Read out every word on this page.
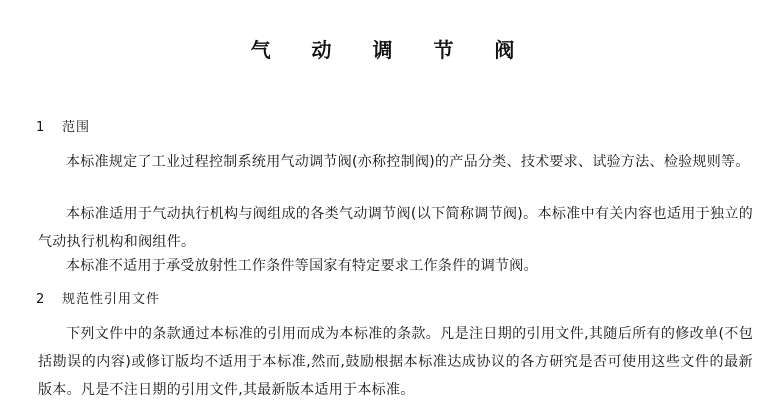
气 动 调 节 阀
1 范围

本标准规定了工业过程控制系统用气动调节阀(亦称控制阀)的产品分类、技术要求、试验方法、检验规则等。

本标准适用于气动执行机构与阀组成的各类气动调节阀(以下简称调节阀)。本标准中有关内容也适用于独立的气动执行机构和阀组件。

本标准不适用于承受放射性工作条件等国家有特定要求工作条件的调节阀。

2 规范性引用文件

下列文件中的条款通过本标准的引用而成为本标准的条款。凡是注日期的引用文件,其随后所有的修改单(不包括勘误的内容)或修订版均不适用于本标准,然而,鼓励根据本标准达成协议的各方研究是否可使用这些文件的最新版本。凡是不注日期的引用文件,其最新版本适用于本标准。
